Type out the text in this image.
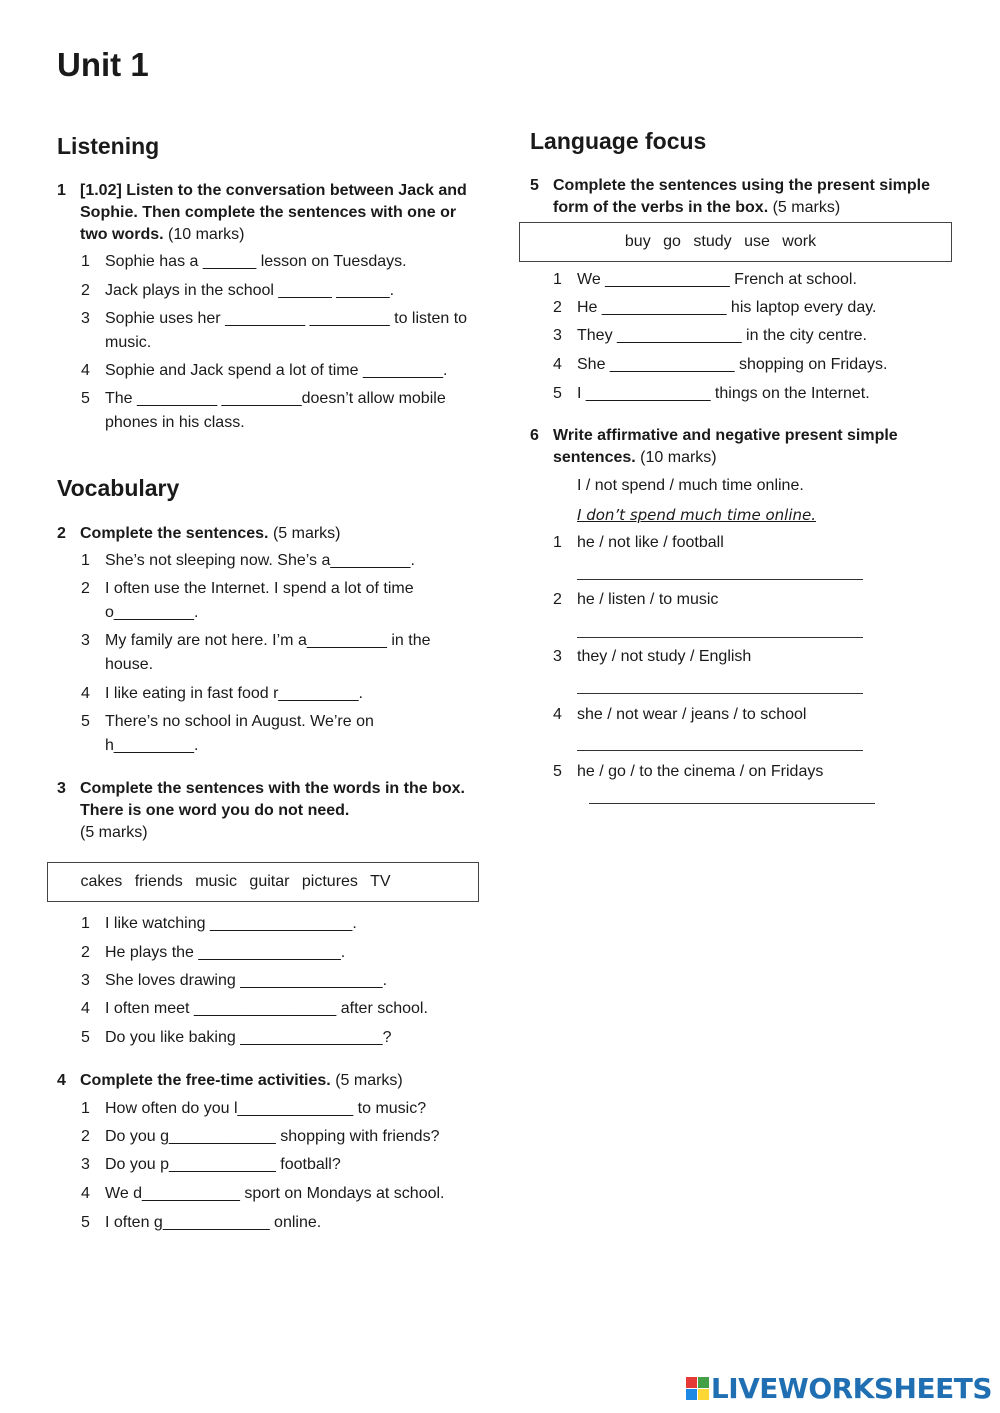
Unit 1
Listening
1 [1.02] Listen to the conversation between Jack and Sophie. Then complete the sentences with one or two words. (10 marks)
1 Sophie has a ______ lesson on Tuesdays.
2 Jack plays in the school ______ ______.
3 Sophie uses her _________ _________ to listen to music.
4 Sophie and Jack spend a lot of time _________.
5 The _________ _________doesn’t allow mobile phones in his class.
Vocabulary
2 Complete the sentences. (5 marks)
1 She’s not sleeping now. She’s a_________.
2 I often use the Internet. I spend a lot of time o_________.
3 My family are not here. I’m a_________ in the house.
4 I like eating in fast food r_________.
5 There’s no school in August. We’re on h_________.
3 Complete the sentences with the words in the box. There is one word you do not need.
(5 marks)
cakes friends music guitar pictures TV
1 I like watching ________________.
2 He plays the ________________.
3 She loves drawing ________________.
4 I often meet ________________ after school.
5 Do you like baking ________________?
4 Complete the free-time activities. (5 marks)
1 How often do you l_____________ to music?
2 Do you g____________ shopping with friends?
3 Do you p____________ football?
4 We d___________ sport on Mondays at school.
5 I often g____________ online.
Language focus
5 Complete the sentences using the present simple form of the verbs in the box. (5 marks)
buy go study use work
1 We ______________ French at school.
2 He ______________ his laptop every day.
3 They ______________ in the city centre.
4 She ______________ shopping on Fridays.
5 I ______________ things on the Internet.
6 Write affirmative and negative present simple sentences. (10 marks)
I / not spend / much time online.
I don’t spend much time online.
1 he / not like / football
2 he / listen / to music
3 they / not study / English
4 she / not wear / jeans / to school
5 he / go / to the cinema / on Fridays
LIVEWORKSHEETS
